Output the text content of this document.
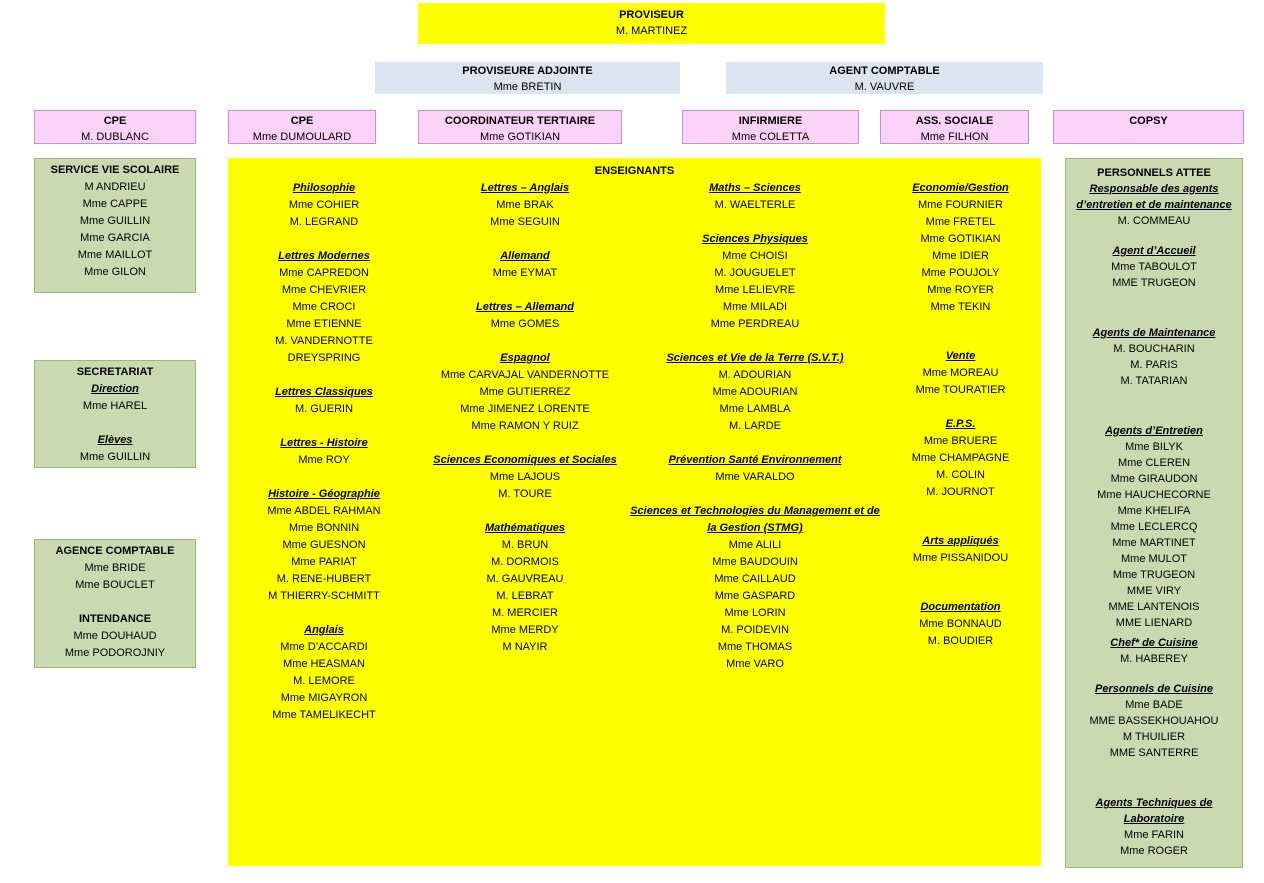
PROVISEUR
M. MARTINEZ
PROVISEURE ADJOINTE
Mme BRETIN
AGENT COMPTABLE
M. VAUVRE
CPE
M. DUBLANC
CPE
Mme DUMOULARD
COORDINATEUR TERTIAIRE
Mme GOTIKIAN
INFIRMIERE
Mme COLETTA
ASS. SOCIALE
Mme FILHON
COPSY
SERVICE VIE SCOLAIRE
M ANDRIEU
Mme CAPPE
Mme GUILLIN
Mme GARCIA
Mme MAILLOT
Mme GILON
SECRETARIAT
Direction
Mme HAREL
Elèves
Mme GUILLIN
AGENCE COMPTABLE
Mme BRIDE
Mme BOUCLET
INTENDANCE
Mme DOUHAUD
Mme PODOROJNIY
ENSEIGNANTS
Philosophie
Mme COHIER
M. LEGRAND
Lettres Modernes
Mme CAPREDON
Mme CHEVRIER
Mme CROCI
Mme ETIENNE
M. VANDERNOTTE
DREYSPRING
Lettres Classiques
M. GUERIN
Lettres - Histoire
Mme ROY
Histoire - Géographie
Mme ABDEL RAHMAN
Mme BONNIN
Mme GUESNON
Mme PARIAT
M. RENE-HUBERT
M THIERRY-SCHMITT
Anglais
Mme D’ACCARDI
Mme HEASMAN
M. LEMORE
Mme MIGAYRON
Mme TAMELIKECHT
Lettres – Anglais
Mme BRAK
Mme SEGUIN
Allemand
Mme EYMAT
Lettres – Allemand
Mme GOMES
Espagnol
Mme CARVAJAL VANDERNOTTE
Mme GUTIERREZ
Mme JIMENEZ LORENTE
Mme RAMON Y RUIZ
Sciences Economiques et Sociales
Mme LAJOUS
M. TOURE
Mathématiques
M. BRUN
M. DORMOIS
M. GAUVREAU
M. LEBRAT
M. MERCIER
Mme MERDY
M NAYIR
Maths – Sciences
M. WAELTERLE
Sciences Physiques
Mme CHOISI
M. JOUGUELET
Mme LELIEVRE
Mme MILADI
Mme PERDREAU
Sciences et Vie de la Terre (S.V.T.)
M. ADOURIAN
Mme ADOURIAN
Mme LAMBLA
M. LARDE
Prévention Santé Environnement
Mme VARALDO
Sciences et Technologies du Management et de la Gestion (STMG)
Mme ALILI
Mme BAUDOUIN
Mme CAILLAUD
Mme GASPARD
Mme LORIN
M. POIDEVIN
Mme THOMAS
Mme VARO
Economie/Gestion
Mme FOURNIER
Mme FRETEL
Mme GOTIKIAN
Mme IDIER
Mme POUJOLY
Mme ROYER
Mme TEKIN
Vente
Mme MOREAU
Mme TOURATIER
E.P.S.
Mme BRUERE
Mme CHAMPAGNE
M. COLIN
M. JOURNOT
Arts appliqués
Mme PISSANIDOU
Documentation
Mme BONNAUD
M. BOUDIER
PERSONNELS ATTEE
Responsable des agents d’entretien et de maintenance
M. COMMEAU
Agent d’Accueil
Mme TABOULOT
MME TRUGEON
Agents de Maintenance
M. BOUCHARIN
M. PARIS
M. TATARIAN
Agents d’Entretien
Mme BILYK
Mme CLEREN
Mme GIRAUDON
Mme HAUCHECORNE
Mme KHELIFA
Mme LECLERCQ
Mme MARTINET
Mme MULOT
Mme TRUGEON
MME VIRY
MME LANTENOIS
MME LIENARD
Chef* de Cuisine
M. HABEREY
Personnels de Cuisine
Mme BADE
MME BASSEKHOUAHOU
M THUILIER
MME SANTERRE
Agents Techniques de Laboratoire
Mme FARIN
Mme ROGER
